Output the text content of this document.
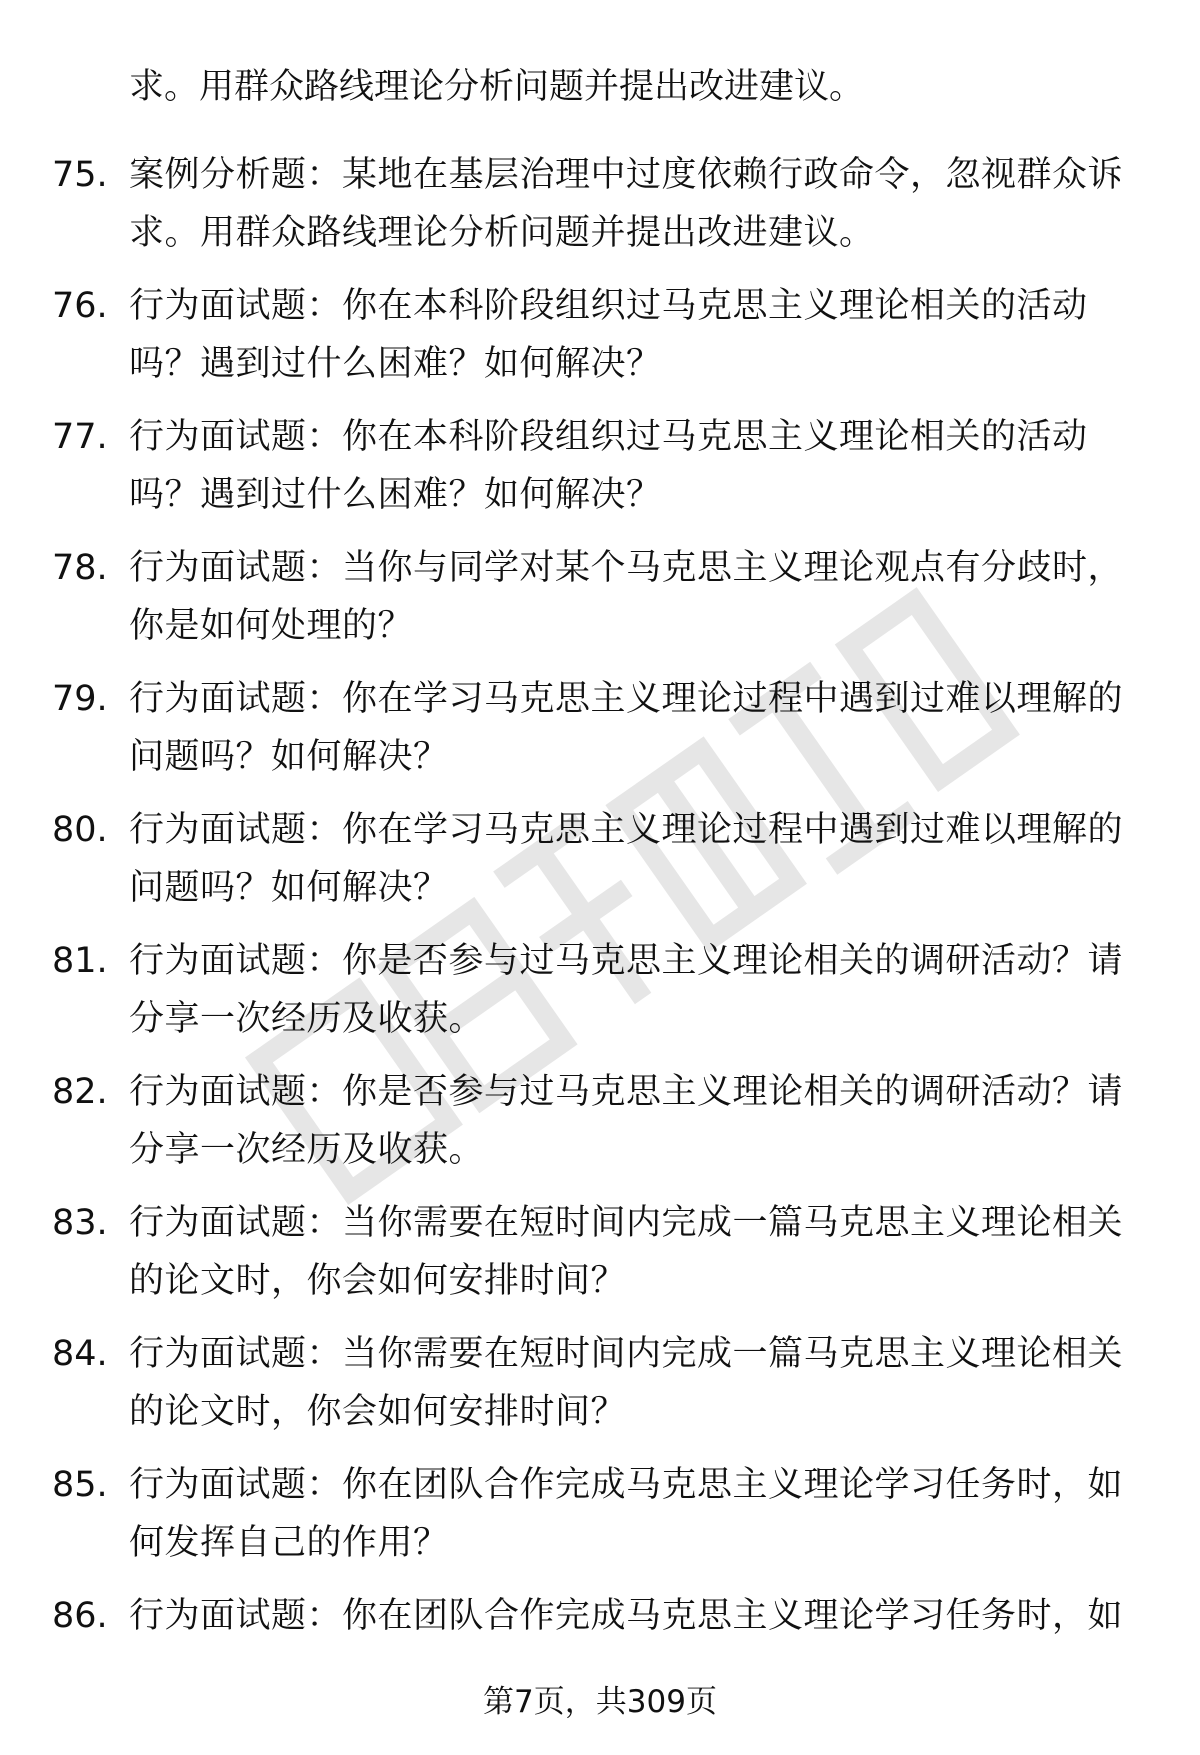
求。用群众路线理论分析问题并提出改进建议。
75. 案例分析题：某地在基层治理中过度依赖行政命令，忽视群众诉求。用群众路线理论分析问题并提出改进建议。
76. 行为面试题：你在本科阶段组织过马克思主义理论相关的活动吗？遇到过什么困难？如何解决？
77. 行为面试题：你在本科阶段组织过马克思主义理论相关的活动吗？遇到过什么困难？如何解决？
78. 行为面试题：当你与同学对某个马克思主义理论观点有分歧时，你是如何处理的？
79. 行为面试题：你在学习马克思主义理论过程中遇到过难以理解的问题吗？如何解决？
80. 行为面试题：你在学习马克思主义理论过程中遇到过难以理解的问题吗？如何解决？
81. 行为面试题：你是否参与过马克思主义理论相关的调研活动？请分享一次经历及收获。
82. 行为面试题：你是否参与过马克思主义理论相关的调研活动？请分享一次经历及收获。
83. 行为面试题：当你需要在短时间内完成一篇马克思主义理论相关的论文时，你会如何安排时间？
84. 行为面试题：当你需要在短时间内完成一篇马克思主义理论相关的论文时，你会如何安排时间？
85. 行为面试题：你在团队合作完成马克思主义理论学习任务时，如何发挥自己的作用？
86. 行为面试题：你在团队合作完成马克思主义理论学习任务时，如
第7页，共309页
